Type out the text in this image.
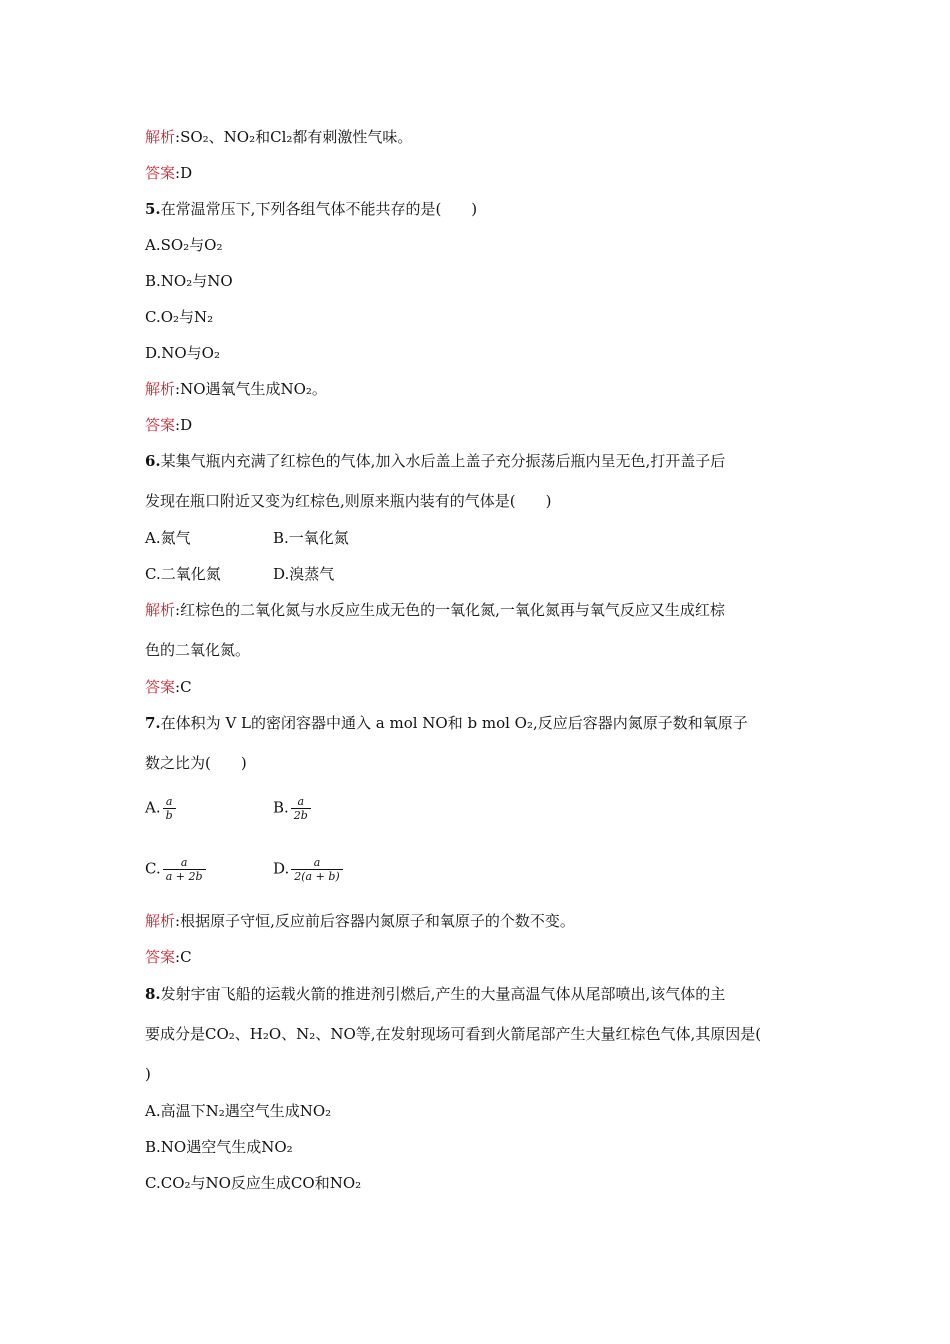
解析:SO₂、NO₂和Cl₂都有刺激性气味。
答案:D
5.在常温常压下,下列各组气体不能共存的是(　　)
A.SO₂与O₂
B.NO₂与NO
C.O₂与N₂
D.NO与O₂
解析:NO遇氧气生成NO₂。
答案:D
6.某集气瓶内充满了红棕色的气体,加入水后盖上盖子充分振荡后瓶内呈无色,打开盖子后
发现在瓶口附近又变为红棕色,则原来瓶内装有的气体是(　　)
A.氮气	B.一氧化氮
C.二氧化氮	D.溴蒸气
解析:红棕色的二氧化氮与水反应生成无色的一氧化氮,一氧化氮再与氧气反应又生成红棕
色的二氧化氮。
答案:C
7.在体积为 V L的密闭容器中通入 a mol NO和 b mol O₂,反应后容器内氮原子数和氧原子
数之比为(　　)
A. $\frac{a}{b}$	B. $\frac{a}{2b}$
C. $\frac{a}{a + 2b}$	D. $\frac{a}{2(a + b)}$
解析:根据原子守恒,反应前后容器内氮原子和氧原子的个数不变。
答案:C
8.发射宇宙飞船的运载火箭的推进剂引燃后,产生的大量高温气体从尾部喷出,该气体的主
要成分是CO₂、H₂O、N₂、NO等,在发射现场可看到火箭尾部产生大量红棕色气体,其原因是(
)
A.高温下N₂遇空气生成NO₂
B.NO遇空气生成NO₂
C.CO₂与NO反应生成CO和NO₂
